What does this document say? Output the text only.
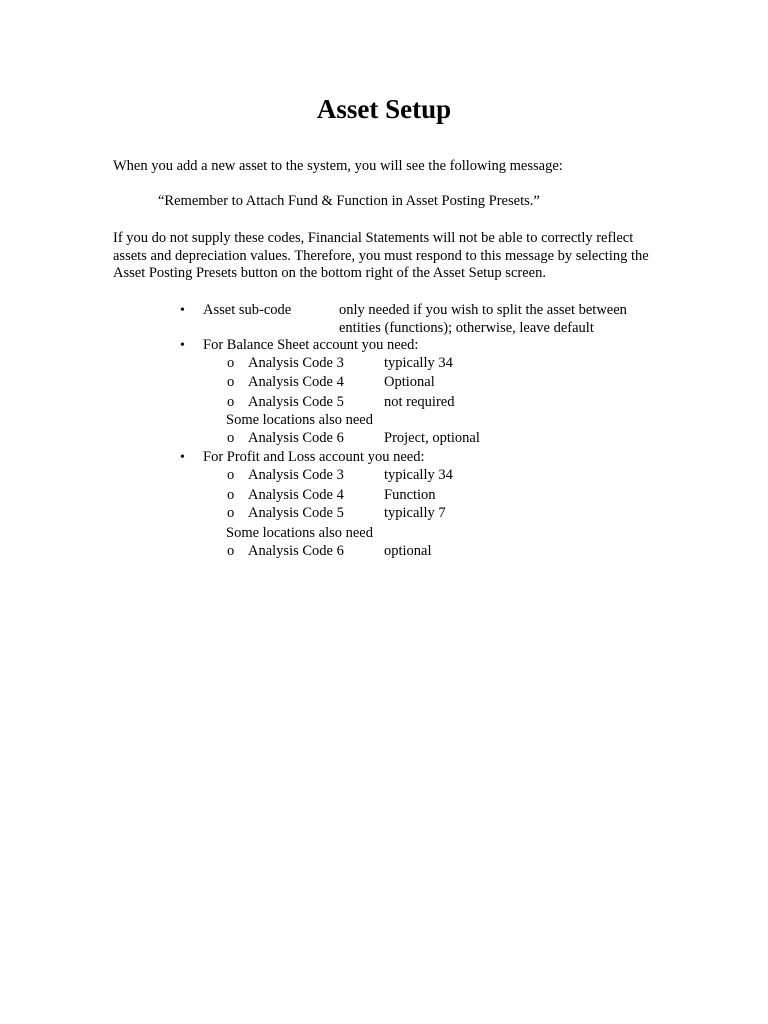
Asset Setup
When you add a new asset to the system, you will see the following message:
“Remember to Attach Fund & Function in Asset Posting Presets.”
If you do not supply these codes, Financial Statements will not be able to correctly reflect assets and depreciation values. Therefore, you must respond to this message by selecting the Asset Posting Presets button on the bottom right of the Asset Setup screen.
• Asset sub-code	only needed if you wish to split the asset between entities (functions); otherwise, leave default
• For Balance Sheet account you need:
o Analysis Code 3	typically 34
o Analysis Code 4	Optional
o Analysis Code 5	not required
Some locations also need
o Analysis Code 6	Project, optional
• For Profit and Loss account you need:
o Analysis Code 3	typically 34
o Analysis Code 4	Function
o Analysis Code 5	typically 7
Some locations also need
o Analysis Code 6	optional
